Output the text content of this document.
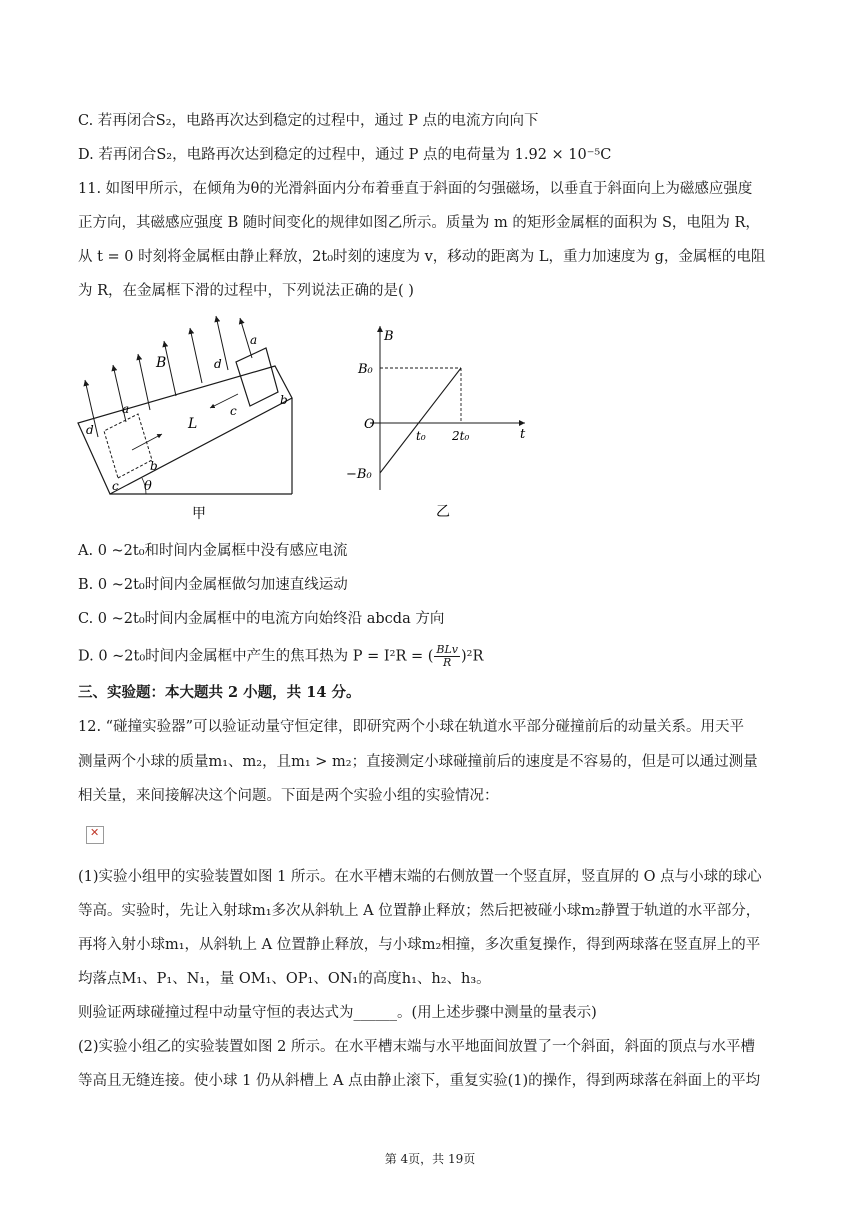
C. 若再闭合S₂，电路再次达到稳定的过程中，通过 P 点的电流方向向下
D. 若再闭合S₂，电路再次达到稳定的过程中，通过 P 点的电荷量为 1.92 × 10⁻⁵C
11. 如图甲所示，在倾角为θ的光滑斜面内分布着垂直于斜面的匀强磁场，以垂直于斜面向上为磁感应强度
正方向，其磁感应强度 B 随时间变化的规律如图乙所示。质量为 m 的矩形金属框的面积为 S，电阻为 R，
从 t = 0 时刻将金属框由静止释放，2t₀时刻的速度为 v，移动的距离为 L，重力加速度为 g，金属框的电阻
为 R，在金属框下滑的过程中，下列说法正确的是( )
θ
B
L
a
b
c
d
a
b
c
d
甲
B
t
O
B₀
−B₀
t₀ 2t₀
乙
A. 0 ~2t₀和时间内金属框中没有感应电流
B. 0 ~2t₀时间内金属框做匀加速直线运动
C. 0 ~2t₀时间内金属框中的电流方向始终沿 abcda 方向
D. 0 ~2t₀时间内金属框中产生的焦耳热为 P = I²R = ( $\frac{\text{BLv}}{R} )^2R$
三、实验题：本大题共 2 小题，共 14 分。
12. “碰撞实验器”可以验证动量守恒定律，即研究两个小球在轨道水平部分碰撞前后的动量关系。用天平
测量两个小球的质量m₁、m₂，且m₁ > m₂；直接测定小球碰撞前后的速度是不容易的，但是可以通过测量
相关量，来间接解决这个问题。下面是两个实验小组的实验情况：
✕
(1)实验小组甲的实验装置如图 1 所示。在水平槽末端的右侧放置一个竖直屏，竖直屏的 O 点与小球的球心
等高。实验时，先让入射球m₁多次从斜轨上 A 位置静止释放；然后把被碰小球m₂静置于轨道的水平部分，
再将入射小球m₁，从斜轨上 A 位置静止释放，与小球m₂相撞，多次重复操作，得到两球落在竖直屏上的平
均落点M₁、P₁、N₁，量 OM₁、OP₁、ON₁的高度h₁、h₂、h₃。
则验证两球碰撞过程中动量守恒的表达式为______。(用上述步骤中测量的量表示)
(2)实验小组乙的实验装置如图 2 所示。在水平槽末端与水平地面间放置了一个斜面，斜面的顶点与水平槽
等高且无缝连接。使小球 1 仍从斜槽上 A 点由静止滚下，重复实验(1)的操作，得到两球落在斜面上的平均
第 4页，共 19页
